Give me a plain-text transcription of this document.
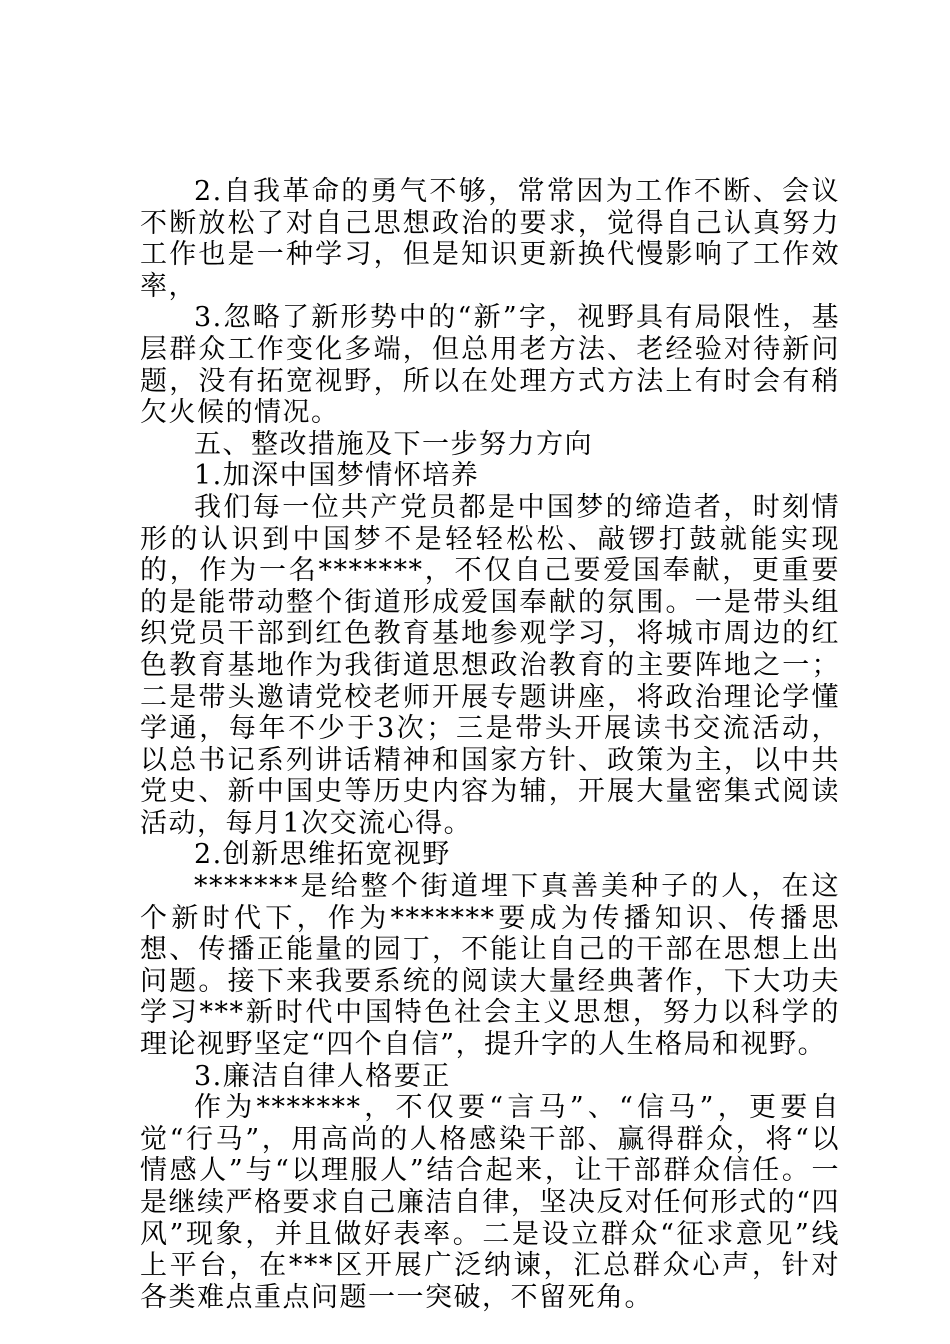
2.自我革命的勇气不够，常常因为工作不断、会议不断放松了对自己思想政治的要求，觉得自己认真努力工作也是一种学习，但是知识更新换代慢影响了工作效率，

3.忽略了新形势中的“新”字，视野具有局限性，基层群众工作变化多端，但总用老方法、老经验对待新问题，没有拓宽视野，所以在处理方式方法上有时会有稍欠火候的情况。

五、整改措施及下一步努力方向

1.加深中国梦情怀培养

我们每一位共产党员都是中国梦的缔造者，时刻情形的认识到中国梦不是轻轻松松、敲锣打鼓就能实现的，作为一名*******，不仅自己要爱国奉献，更重要的是能带动整个街道形成爱国奉献的氛围。一是带头组织党员干部到红色教育基地参观学习，将城市周边的红色教育基地作为我街道思想政治教育的主要阵地之一；二是带头邀请党校老师开展专题讲座，将政治理论学懂学通，每年不少于3次；三是带头开展读书交流活动，以总书记系列讲话精神和国家方针、政策为主，以中共党史、新中国史等历史内容为辅，开展大量密集式阅读活动，每月1次交流心得。

2.创新思维拓宽视野

*******是给整个街道埋下真善美种子的人，在这个新时代下，作为*******要成为传播知识、传播思想、传播正能量的园丁，不能让自己的干部在思想上出问题。接下来我要系统的阅读大量经典著作，下大功夫学习***新时代中国特色社会主义思想，努力以科学的理论视野坚定“四个自信”，提升字的人生格局和视野。

3.廉洁自律人格要正

作为*******，不仅要“言马”、“信马”，更要自觉“行马”，用高尚的人格感染干部、赢得群众，将“以情感人”与“以理服人”结合起来，让干部群众信任。一是继续严格要求自己廉洁自律，坚决反对任何形式的“四风”现象，并且做好表率。二是设立群众“征求意见”线上平台，在***区开展广泛纳谏，汇总群众心声，针对各类难点重点问题一一突破，不留死角。
